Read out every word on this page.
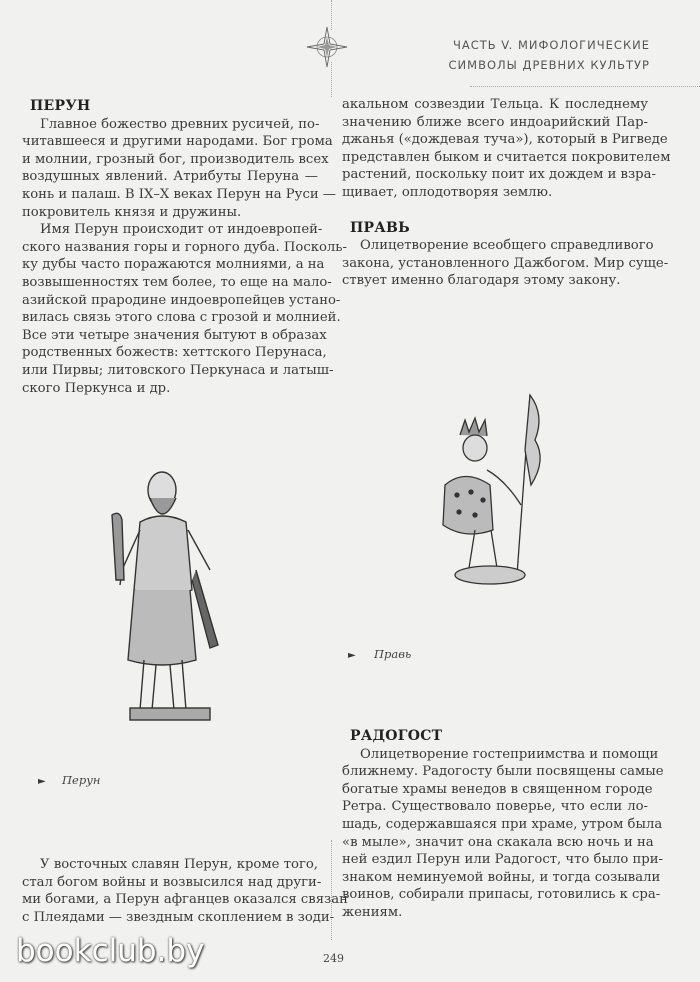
ЧАСТЬ V. МИФОЛОГИЧЕСКИЕ
СИМВОЛЫ ДРЕВНИХ КУЛЬТУР
ПЕРУН
Главное божество древних русичей, по-
читавшееся и другими народами. Бог грома
и молнии, грозный бог, производитель всех
воздушных явлений. Атрибуты Перуна —
конь и палаш. В IX–X веках Перун на Руси —
покровитель князя и дружины.
Имя Перун происходит от индоевропей-
ского названия горы и горного дуба. Посколь-
ку дубы часто поражаются молниями, а на
возвышенностях тем более, то еще на мало-
азийской прародине индоевропейцев устано-
вилась связь этого слова с грозой и молнией.
Все эти четыре значения бытуют в образах
родственных божеств: хеттского Перунаса,
или Пирвы; литовского Перкунаса и латыш-
ского Перкунса и др.
► Перун
У восточных славян Перун, кроме того,
стал богом войны и возвысился над други-
ми богами, а Перун афганцев оказался связан
с Плеядами — звездным скоплением в зоди-
акальном созвездии Тельца. К последнему
значению ближе всего индоарийский Пар-
джанья («дождевая туча»), который в Ригведе
представлен быком и считается покровителем
растений, поскольку поит их дождем и взра-
щивает, оплодотворяя землю.
ПРАВЬ
Олицетворение всеобщего справедливого
закона, установленного Дажбогом. Мир суще-
ствует именно благодаря этому закону.
► Правь
РАДОГОСТ
Олицетворение гостеприимства и помощи
ближнему. Радогосту были посвящены самые
богатые храмы венедов в священном городе
Ретра. Существовало поверье, что если ло-
шадь, содержавшаяся при храме, утром была
«в мыле», значит она скакала всю ночь и на
ней ездил Перун или Радогост, что было при-
знаком неминуемой войны, и тогда созывали
воинов, собирали припасы, готовились к сра-
жениям.
249
bookclub.by
